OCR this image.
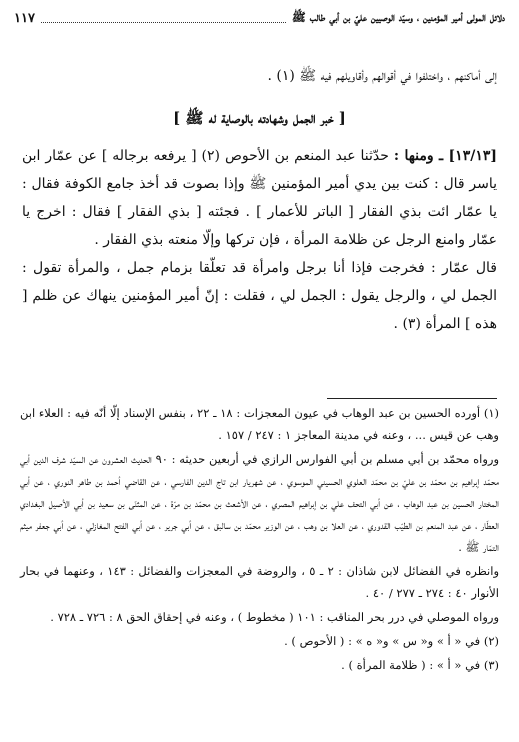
دلائل المولى أمير المؤمنين ، وسيّد الوصيين عليّ بن أبي طالب ﷺ
١١٧

إلى أماكنهم ، واختلفوا في أقوالهم وأقاويلهم فيه ﷺ (١) .

[ خبر الجمل وشهادته بالوصاية له ﷺ ]

[١٣/١٣] ـ ومنها : حدّثنا عبد المنعم بن الأحوص (٢) [ يرفعه برجاله ] عن عمّار ابن ياسر قال : كنت بين يدي أمير المؤمنين ﷺ وإذا بصوت قد أخذ جامع الكوفة فقال : يا عمّار ائت بذي الفقار [ الباتر للأعمار ] . فجئته [ بذي الفقار ] فقال : اخرج يا عمّار وامنع الرجل عن ظلامة المرأة ، فإن تركها وإلّا منعته بذي الفقار .

قال عمّار : فخرجت فإذا أنا برجل وامرأة قد تعلّقا بزمام جمل ، والمرأة تقول : الجمل لي ، والرجل يقول : الجمل لي ، فقلت : إنّ أمير المؤمنين ينهاك عن ظلم [ هذه ] المرأة (٣) .

(١) أورده الحسين بن عبد الوهاب في عيون المعجزات : ١٨ ـ ٢٢ ، بنفس الإسناد إلّا أنّه فيه : العلاء ابن وهب عن قيس ... ، وعنه في مدينة المعاجز ١ : ٢٤٧ / ١٥٧ .

ورواه محمّد بن أبي مسلم بن أبي الفوارس الرازي في أربعين حديثه : ٩٠ الحديث العشرون عن السيّد شرف الدين أبي محمّد إبراهيم بن محمّد بن عليّ بن محمّد العلوي الحسيني الموسوي ، عن شهريار ابن تاج الدين الفارسي ، عن القاضي أحمد بن طاهر النوري ، عن أبي المختار الحسين بن عبد الوهاب ، عن أبي التحف علي بن إبراهيم المصري ، عن الأشعث بن محمّد بن مرّة ، عن المثنّى بن سعيد بن أبي الأصيل البغدادي العطّار ، عن عبد المنعم بن الطيّب القدوري ، عن العلا بن وهب ، عن الوزير محمّد بن سالبق ، عن أبي جرير ، عن أبي الفتح المغازلي ، عن أبي جعفر ميثم التمّار ﷺ .

وانظره في الفضائل لابن شاذان : ٢ ـ ٥ ، والروضة في المعجزات والفضائل : ١٤٣ ، وعنهما في بحار الأنوار ٤٠ : ٢٧٤ ـ ٢٧٧ / ٤٠ .

ورواه الموصلي في درر بحر المناقب : ١٠١ ( مخطوط ) ، وعنه في إحقاق الحق ٨ : ٧٢٦ ـ ٧٢٨ .

(٢) في « أ » و« س » و« ه » : ( الأحوص ) .

(٣) في « أ » : ( ظلامة المرأة ) .
